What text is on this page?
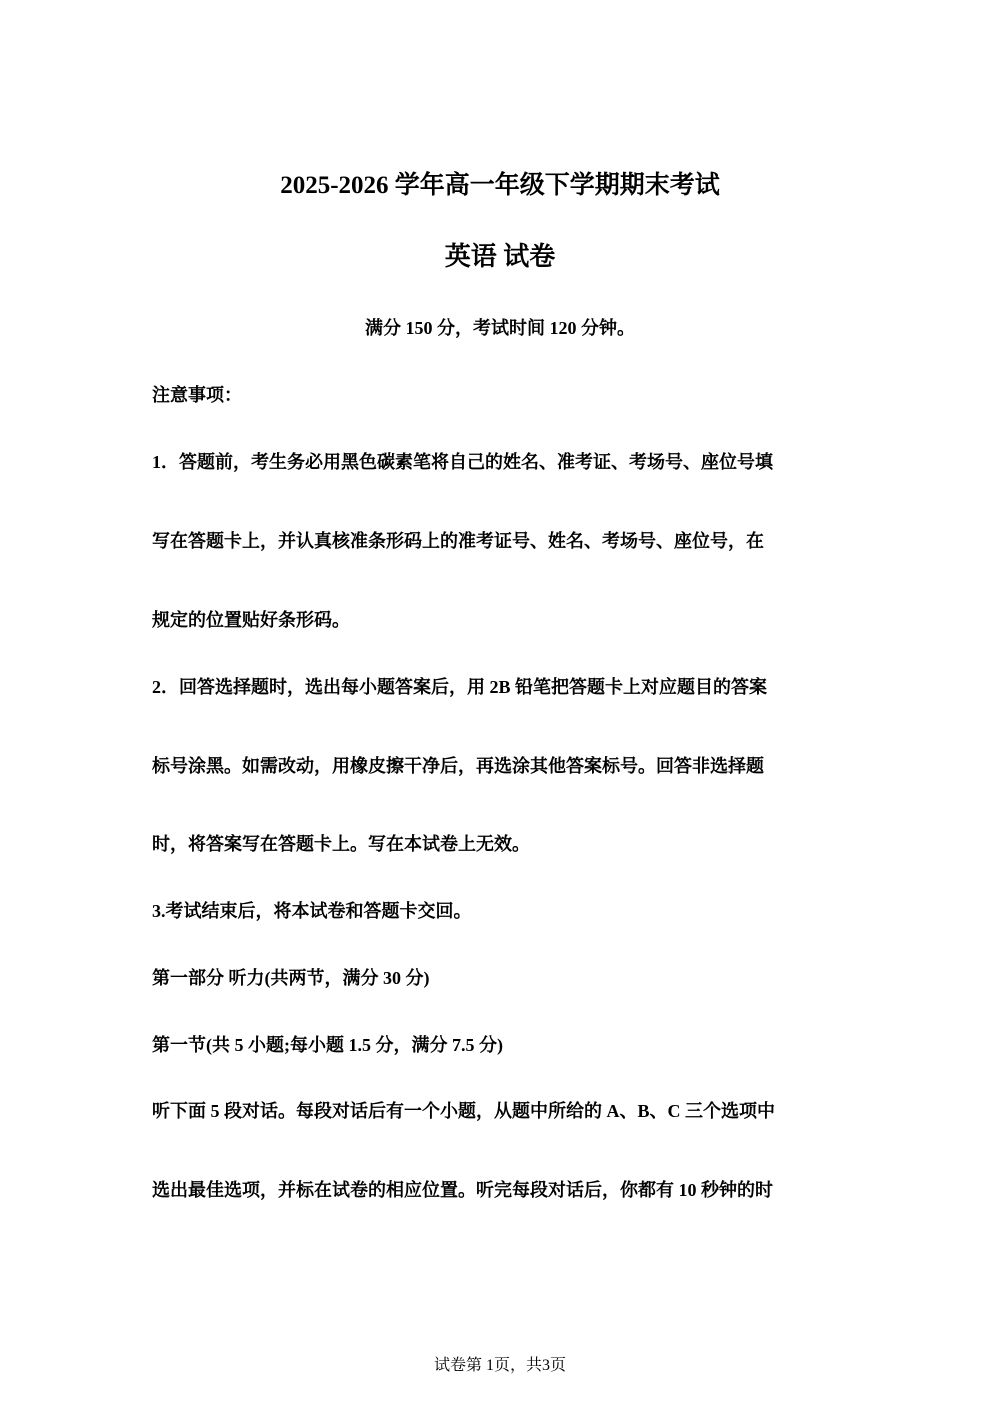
2025-2026 学年高一年级下学期期末考试
英语 试卷
满分 150 分，考试时间 120 分钟。
注意事项：
1．答题前，考生务必用黑色碳素笔将自己的姓名、准考证、考场号、座位号填
写在答题卡上，并认真核准条形码上的准考证号、姓名、考场号、座位号，在
规定的位置贴好条形码。
2．回答选择题时，选出每小题答案后，用 2B 铅笔把答题卡上对应题目的答案
标号涂黑。如需改动，用橡皮擦干净后，再选涂其他答案标号。回答非选择题
时，将答案写在答题卡上。写在本试卷上无效。
3.考试结束后，将本试卷和答题卡交回。
第一部分 听力(共两节，满分 30 分)
第一节(共 5 小题;每小题 1.5 分，满分 7.5 分)
听下面 5 段对话。每段对话后有一个小题，从题中所给的 A、B、C 三个选项中
选出最佳选项，并标在试卷的相应位置。听完每段对话后，你都有 10 秒钟的时
试卷第 1页，共3页
